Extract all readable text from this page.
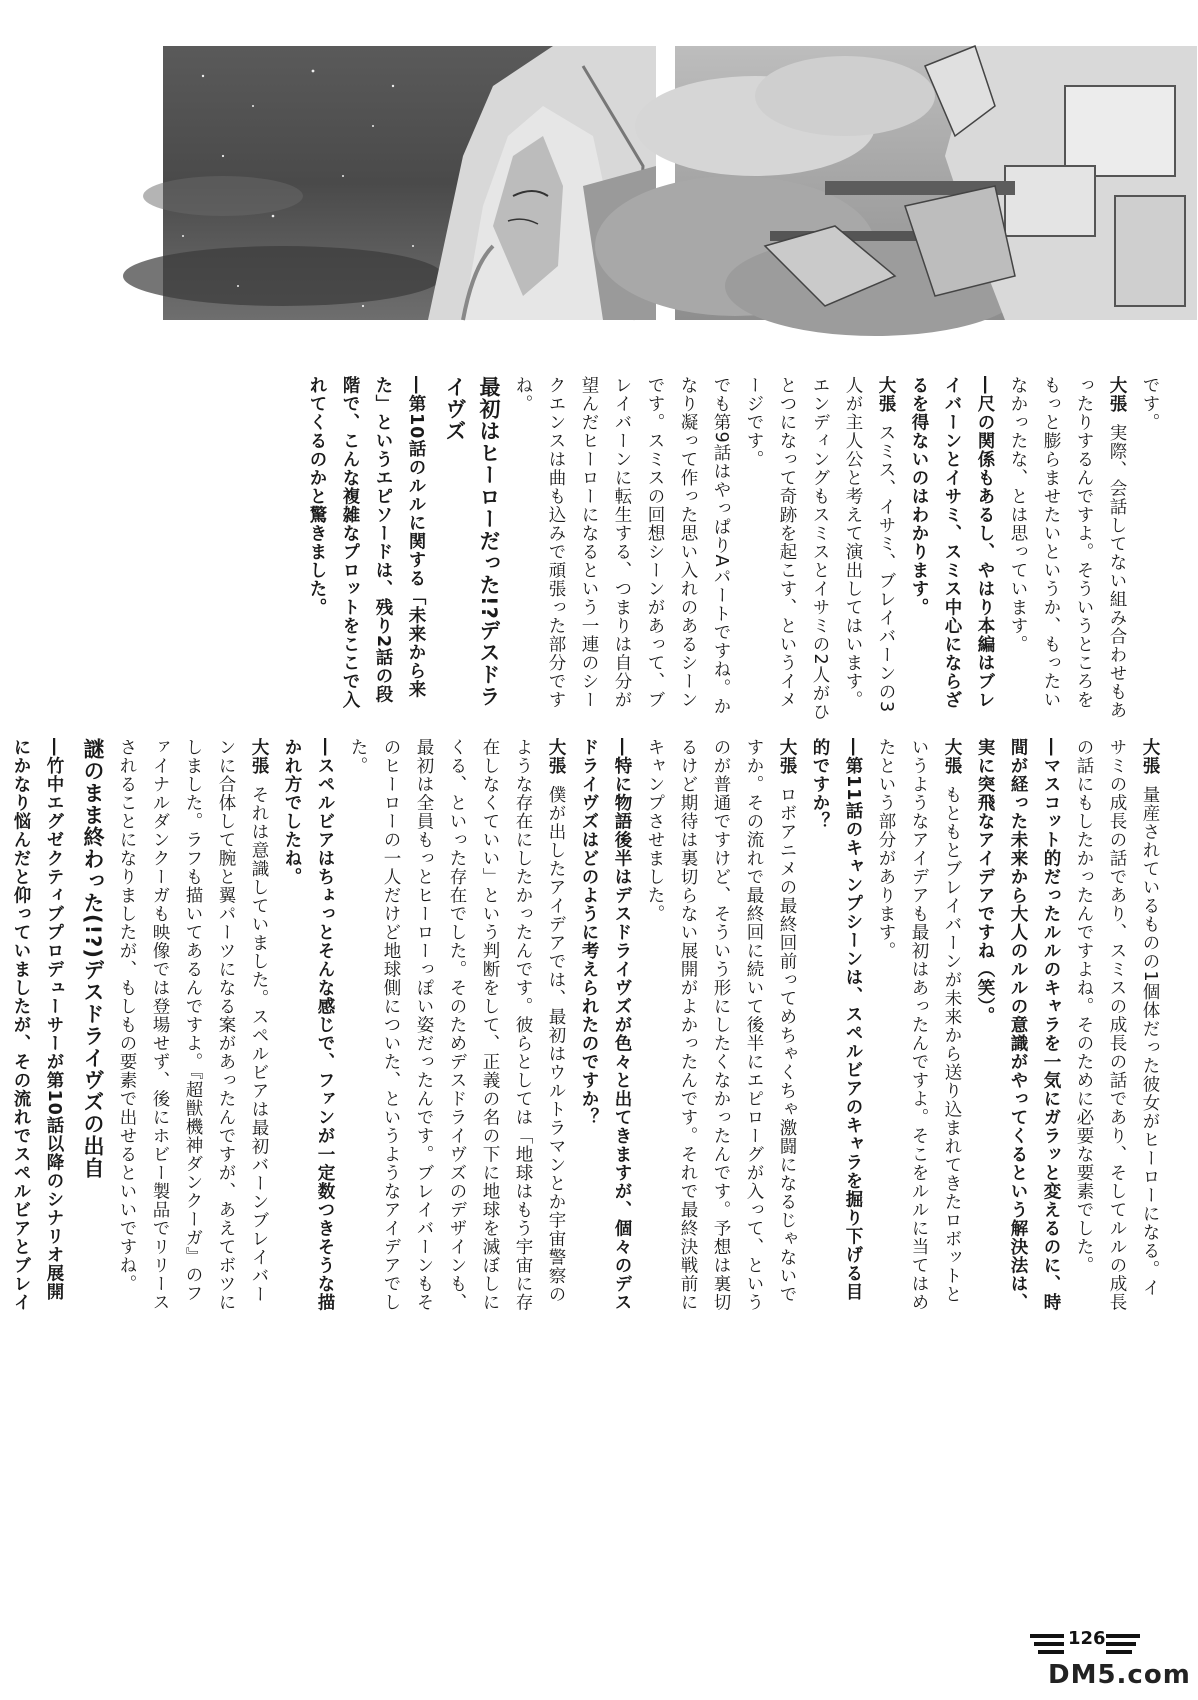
です。

大張実際、会話してない組み合わせもあったりするんですよ。そういうところをもっと膨らませたいというか、もったいなかったな、とは思っています。

―尺の関係もあるし、やはり本編はブレイバーンとイサミ、スミス中心にならざるを得ないのはわかります。

大張スミス、イサミ、ブレイバーンの3人が主人公と考えて演出してはいます。エンディングもスミスとイサミの2人がひとつになって奇跡を起こす、というイメージです。

でも第9話はやっぱりAパートですね。かなり凝って作った思い入れのあるシーンです。スミスの回想シーンがあって、ブレイバーンに転生する、つまりは自分が望んだヒーローになるという一連のシークエンスは曲も込みで頑張った部分ですね。

最初はヒーローだった!?デスドライヴズ

―第10話のルルに関する「未来から来た」というエピソードは、残り2話の段階で、こんな複雑なプロットをここで入れてくるのかと驚きました。

大張量産されているものの1個体だった彼女がヒーローになる。イサミの成長の話であり、スミスの成長の話であり、そしてルルの成長の話にもしたかったんですよね。そのために必要な要素でした。

―マスコット的だったルルのキャラを一気にガラッと変えるのに、時間が経った未来から大人のルルの意識がやってくるという解決法は、実に突飛なアイデアですね（笑）。

大張もともとブレイバーンが未来から送り込まれてきたロボットというようなアイデアも最初はあったんですよ。そこをルルに当てはめたという部分があります。

―第11話のキャンプシーンは、スペルビアのキャラを掘り下げる目的ですか？

大張ロボアニメの最終回前ってめちゃくちゃ激闘になるじゃないですか。その流れで最終回に続いて後半にエピローグが入って、というのが普通ですけど、そういう形にしたくなかったんです。予想は裏切るけど期待は裏切らない展開がよかったんです。それで最終決戦前にキャンプさせました。

―特に物語後半はデスドライヴズが色々と出てきますが、個々のデスドライヴズはどのように考えられたのですか？

大張僕が出したアイデアでは、最初はウルトラマンとか宇宙警察のような存在にしたかったんです。彼らとしては「地球はもう宇宙に存在しなくていい」という判断をして、正義の名の下に地球を滅ぼしにくる、といった存在でした。そのためデスドライヴズのデザインも、最初は全員もっとヒーローっぽい姿だったんです。ブレイバーンもそのヒーローの一人だけど地球側についた、というようなアイデアでした。

―スペルビアはちょっとそんな感じで、ファンが一定数つきそうな描かれ方でしたね。

大張それは意識していました。スペルビアは最初バーンブレイバーンに合体して腕と翼パーツになる案があったんですが、あえてボツにしました。ラフも描いてあるんですよ。『超獣機神ダンクーガ』のファイナルダンクーガも映像では登場せず、後にホビー製品でリリースされることになりましたが、もしもの要素で出せるといいですね。

謎のまま終わった(!?)デスドライヴズの出自

―竹中エグゼクティブプロデューサーが第10話以降のシナリオ展開にかなり悩んだと仰っていましたが、その流れでスペルビアとブレイ

126
DM5.com
